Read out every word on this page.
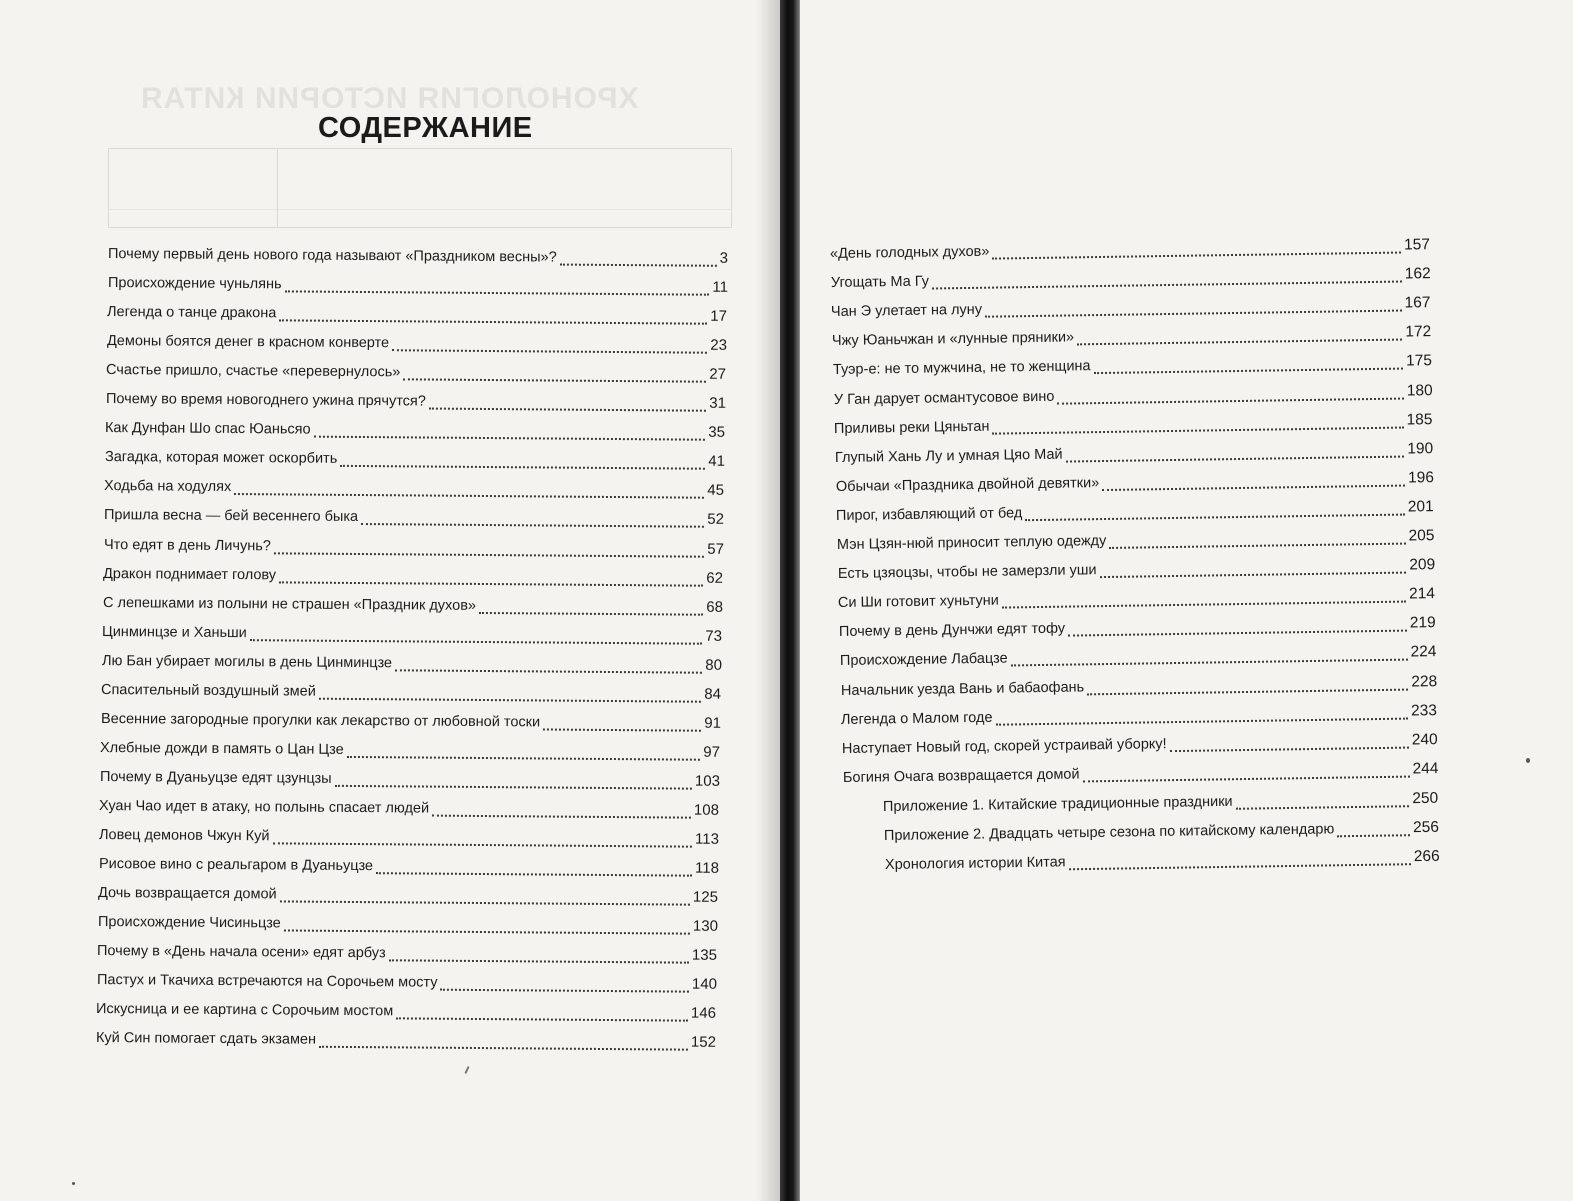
ХРОНОЛОГИЯ ИСТОРИИ КИТАЯ
СОДЕРЖАНИЕ
Почему первый день нового года называют «Праздником весны»?	3
Происхождение чуньлянь	11
Легенда о танце дракона	17
Демоны боятся денег в красном конверте	23
Счастье пришло, счастье «перевернулось»	27
Почему во время новогоднего ужина прячутся?	31
Как Дунфан Шо спас Юаньсяо	35
Загадка, которая может оскорбить	41
Ходьба на ходулях	45
Пришла весна — бей весеннего быка	52
Что едят в день Личунь?	57
Дракон поднимает голову	62
С лепешками из полыни не страшен «Праздник духов»	68
Цинминцзе и Ханьши	73
Лю Бан убирает могилы в день Цинминцзе	80
Спасительный воздушный змей	84
Весенние загородные прогулки как лекарство от любовной тоски	91
Хлебные дожди в память о Цан Цзе	97
Почему в Дуаньуцзе едят цзунцзы	103
Хуан Чао идет в атаку, но полынь спасает людей	108
Ловец демонов Чжун Куй	113
Рисовое вино с реальгаром в Дуаньуцзе	118
Дочь возвращается домой	125
Происхождение Чисиньцзе	130
Почему в «День начала осени» едят арбуз	135
Пастух и Ткачиха встречаются на Сорочьем мосту	140
Искусница и ее картина с Сорочьим мостом	146
Куй Син помогает сдать экзамен	152
«День голодных духов»	157
Угощать Ма Гу	162
Чан Э улетает на луну	167
Чжу Юаньчжан и «лунные пряники»	172
Туэр-е: не то мужчина, не то женщина	175
У Ган дарует османтусовое вино	180
Приливы реки Цяньтан	185
Глупый Хань Лу и умная Цяо Май	190
Обычаи «Праздника двойной девятки»	196
Пирог, избавляющий от бед	201
Мэн Цзян-нюй приносит теплую одежду	205
Есть цзяоцзы, чтобы не замерзли уши	209
Си Ши готовит хуньтуни	214
Почему в день Дунчжи едят тофу	219
Происхождение Лабацзе	224
Начальник уезда Вань и бабаофань	228
Легенда о Малом годе	233
Наступает Новый год, скорей устраивай уборку!	240
Богиня Очага возвращается домой	244
Приложение 1. Китайские традиционные праздники	250
Приложение 2. Двадцать четыре сезона по китайскому календарю	256
Хронология истории Китая	266
